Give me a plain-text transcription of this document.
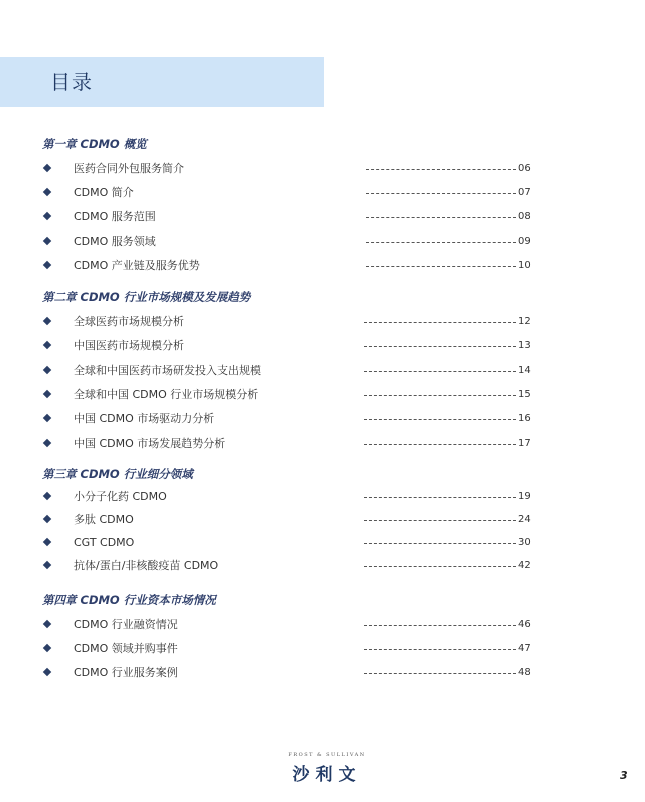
目录
第一章 CDMO 概览
医药合同外包服务简介	06
CDMO 简介	07
CDMO 服务范围	08
CDMO 服务领域	09
CDMO 产业链及服务优势	10
第二章 CDMO 行业市场规模及发展趋势
全球医药市场规模分析	12
中国医药市场规模分析	13
全球和中国医药市场研发投入支出规模	14
全球和中国 CDMO 行业市场规模分析	15
中国 CDMO 市场驱动力分析	16
中国 CDMO 市场发展趋势分析	17
第三章 CDMO 行业细分领域
小分子化药 CDMO	19
多肽 CDMO	24
CGT CDMO	30
抗体/蛋白/非核酸疫苗 CDMO	42
第四章 CDMO 行业资本市场情况
CDMO 行业融资情况	46
CDMO 领域并购事件	47
CDMO 行业服务案例	48
FROST & SULLIVAN
沙利文	3
